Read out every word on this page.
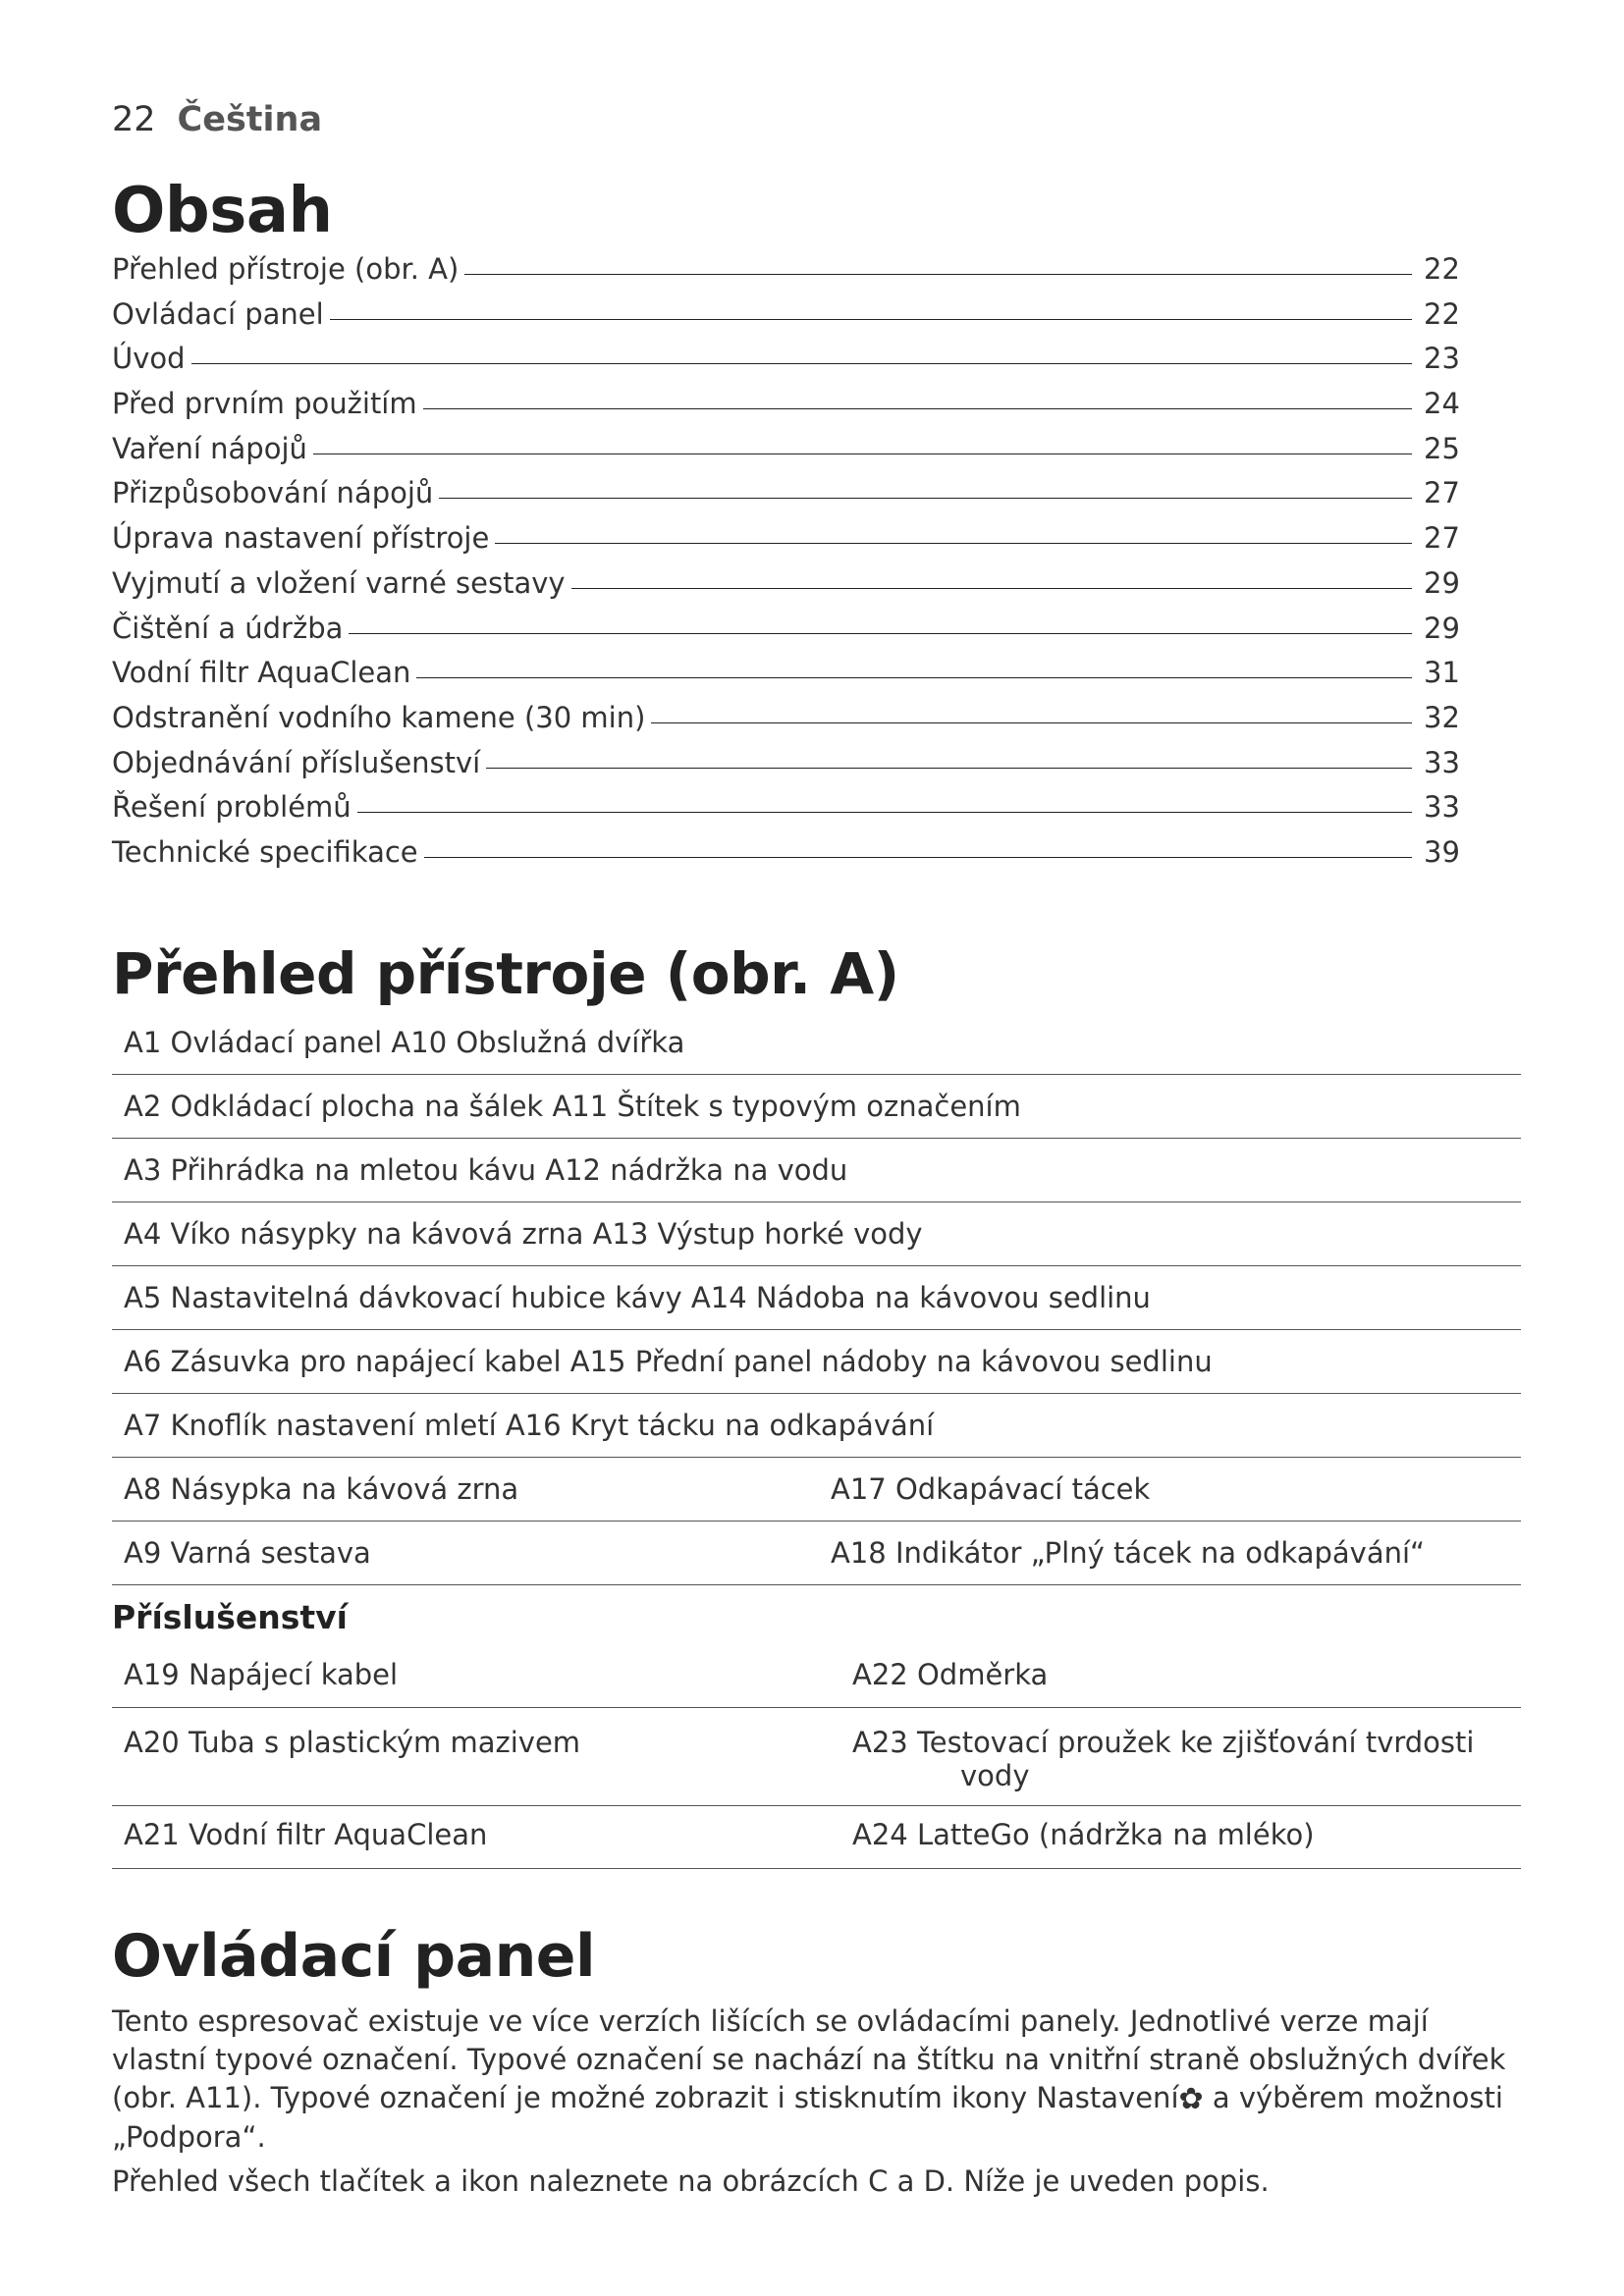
22 Čeština
Obsah
Přehled přístroje (obr. A)	22
Ovládací panel	22
Úvod	23
Před prvním použitím	24
Vaření nápojů	25
Přizpůsobování nápojů	27
Úprava nastavení přístroje	27
Vyjmutí a vložení varné sestavy	29
Čištění a údržba	29
Vodní filtr AquaClean	31
Odstranění vodního kamene (30 min)	32
Objednávání příslušenství	33
Řešení problémů	33
Technické specifikace	39
Přehled přístroje (obr. A)
A1 Ovládací panel A10 Obslužná dvířka
A2 Odkládací plocha na šálek A11 Štítek s typovým označením
A3 Přihrádka na mletou kávu A12 nádržka na vodu
A4 Víko násypky na kávová zrna A13 Výstup horké vody
A5 Nastavitelná dávkovací hubice kávy A14 Nádoba na kávovou sedlinu
A6 Zásuvka pro napájecí kabel A15 Přední panel nádoby na kávovou sedlinu
A7 Knoflík nastavení mletí A16 Kryt tácku na odkapávání
A8 Násypka na kávová zrna	A17 Odkapávací tácek
A9 Varná sestava	A18 Indikátor „Plný tácek na odkapávání“
Příslušenství
A19 Napájecí kabel	A22 Odměrka
A20 Tuba s plastickým mazivem	A23 Testovací proužek ke zjišťování tvrdosti
vody
A21 Vodní filtr AquaClean	A24 LatteGo (nádržka na mléko)
Ovládací panel

Tento espresovač existuje ve více verzích lišících se ovládacími panely. Jednotlivé verze mají vlastní typové označení. Typové označení se nachází na štítku na vnitřní straně obslužných dvířek (obr. A11). Typové označení je možné zobrazit i stisknutím ikony Nastavení✿ a výběrem možnosti „Podpora“.

Přehled všech tlačítek a ikon naleznete na obrázcích C a D. Níže je uveden popis.
